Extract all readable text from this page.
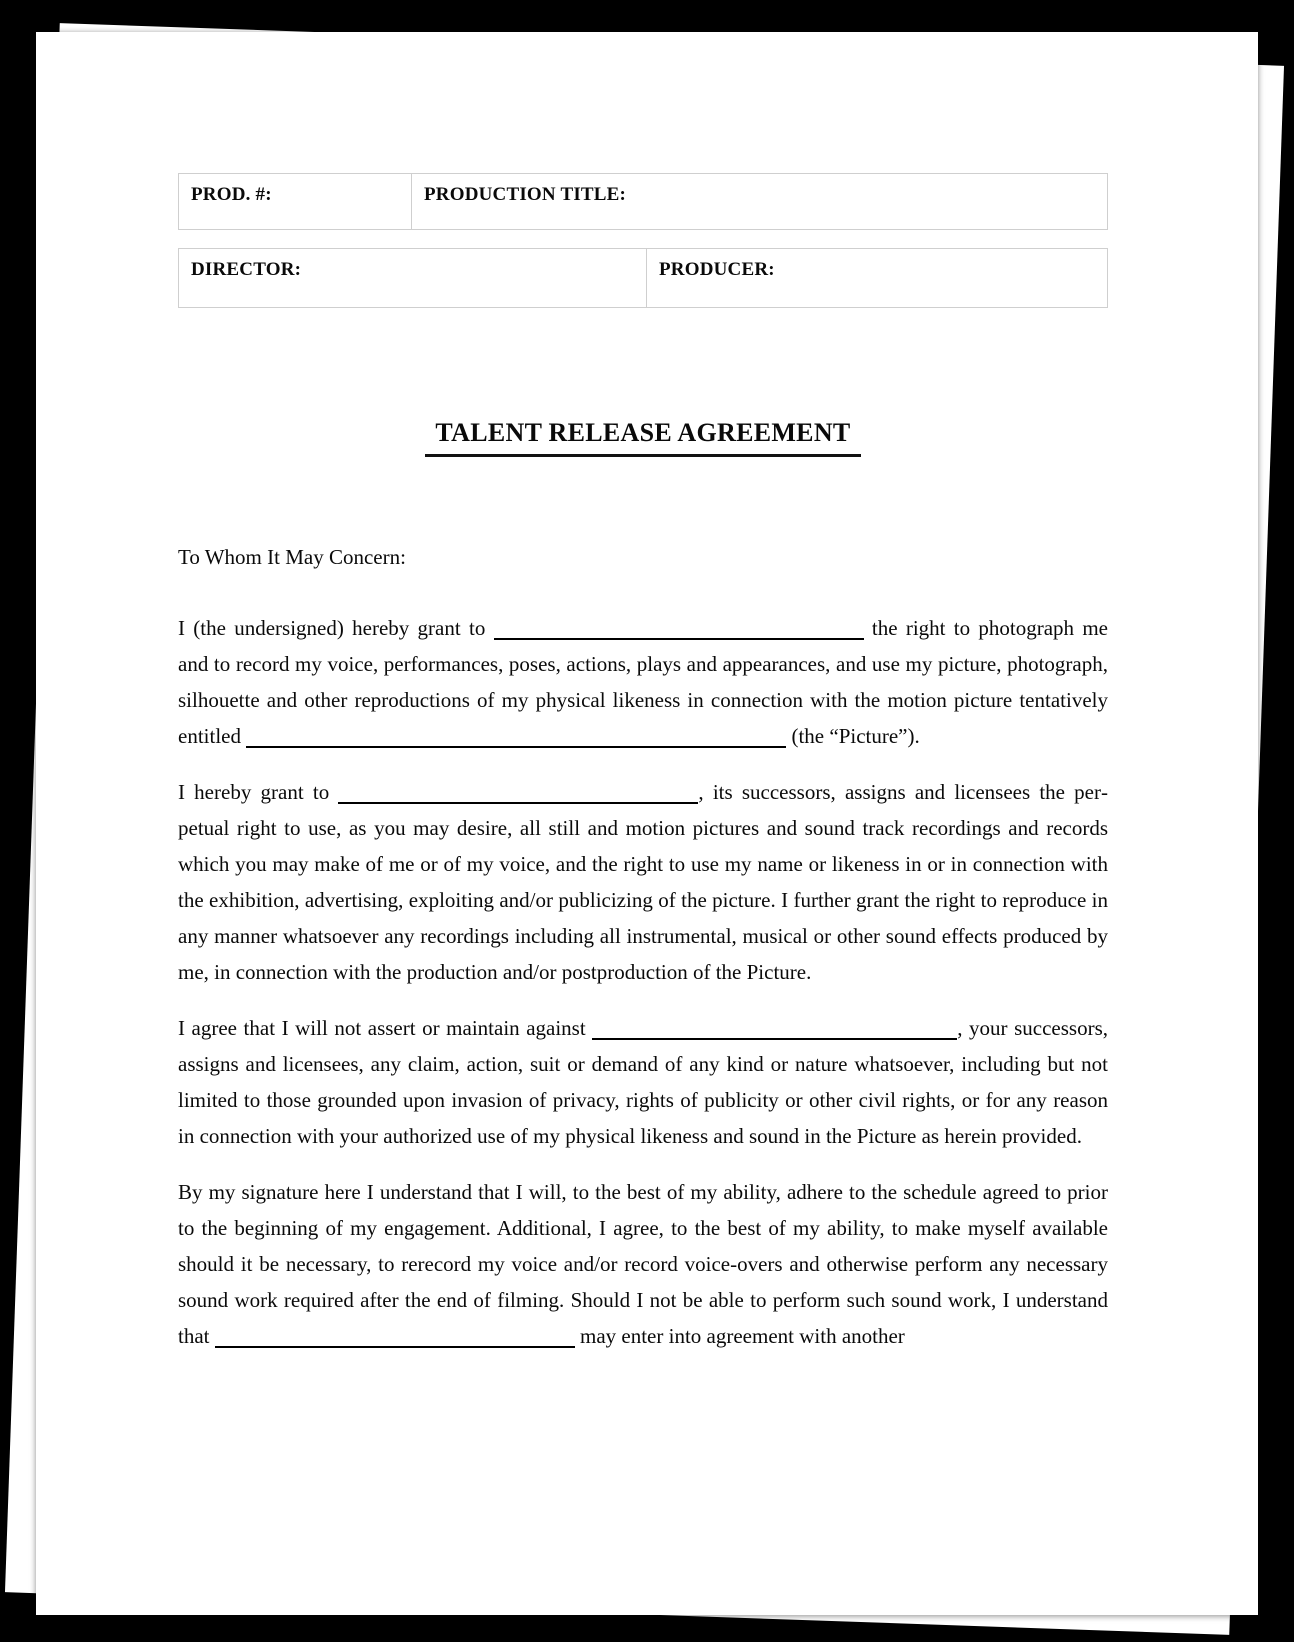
PROD. #:	PRODUCTION TITLE:
DIRECTOR:	PRODUCER:
TALENT RELEASE AGREEMENT
To Whom It May Concern:

I (the undersigned) hereby grant to	the right to photograph me and to record my voice, performances, poses, actions, plays and appearances, and use my picture, photograph, silhouette and other reproductions of my physical likeness in connection with the motion picture tentatively entitled	(the “Picture”).

I hereby grant to	, its successors, assigns and licensees the perpetual right to use, as you may desire, all still and motion pictures and sound track recordings and records which you may make of me or of my voice, and the right to use my name or likeness in or in connection with the exhibition, advertising, exploiting and/or publicizing of the picture. I further grant the right to reproduce in any manner whatsoever any recordings including all instrumental, musical or other sound effects produced by me, in connection with the production and/or postproduction of the Picture.

I agree that I will not assert or maintain against	, your successors, assigns and licensees, any claim, action, suit or demand of any kind or nature whatsoever, including but not limited to those grounded upon invasion of privacy, rights of publicity or other civil rights, or for any reason in connection with your authorized use of my physical likeness and sound in the Picture as herein provided.

By my signature here I understand that I will, to the best of my ability, adhere to the schedule agreed to prior to the beginning of my engagement. Additional, I agree, to the best of my ability, to make myself available should it be necessary, to rerecord my voice and/or record voice-overs and otherwise perform any necessary sound work required after the end of filming. Should I not be able to perform such sound work, I understand that	may enter into agreement with another
